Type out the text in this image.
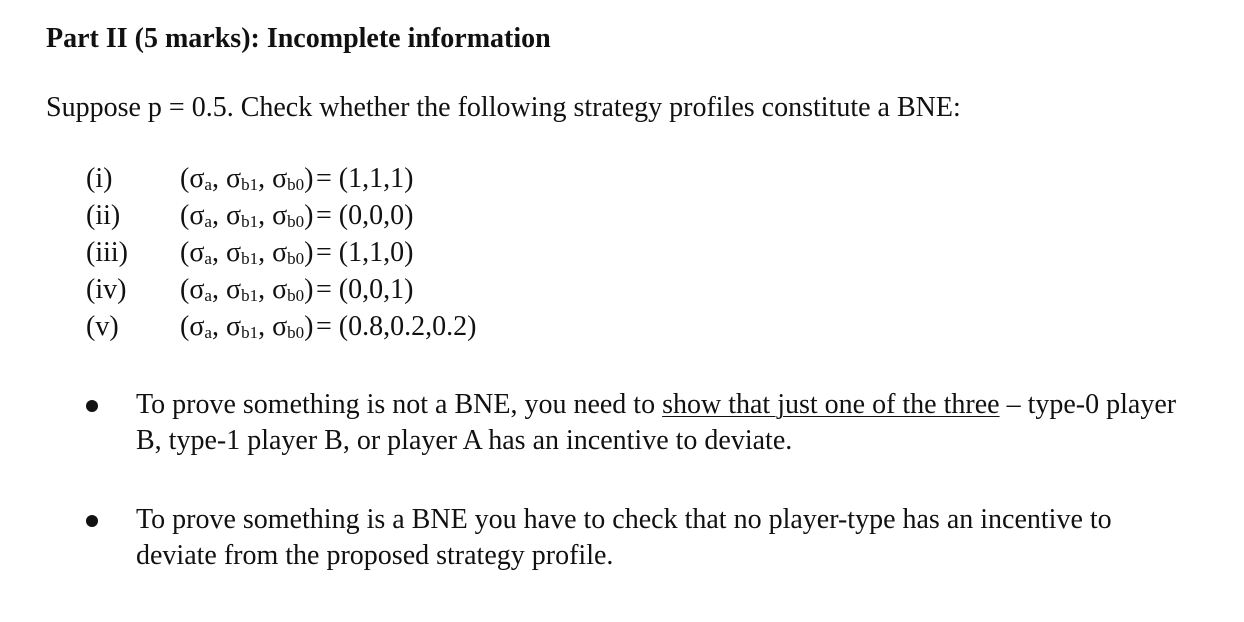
Part II (5 marks): Incomplete information
Suppose p = 0.5. Check whether the following strategy profiles constitute a BNE:
(i) ($\sigma_a$, $\sigma_{b1}$, $\sigma_{b0}) = (1,1,1)$
(ii) ($\sigma_a$, $\sigma_{b1}$, $\sigma_{b0}) = (0,0,0)$
(iii) ($\sigma_a$, $\sigma_{b1}$, $\sigma_{b0}) = (1,1,0)$
(iv) ($\sigma_a$, $\sigma_{b1}$, $\sigma_{b0}) = (0,0,1)$
(v) ($\sigma_a$, $\sigma_{b1}$, $\sigma_{b0}) = (0.8,0.2,0.2)$
To prove something is not a BNE, you need to show that just one of the three – type-0 player B, type-1 player B, or player A has an incentive to deviate.
To prove something is a BNE you have to check that no player-type has an incentive to deviate from the proposed strategy profile.
